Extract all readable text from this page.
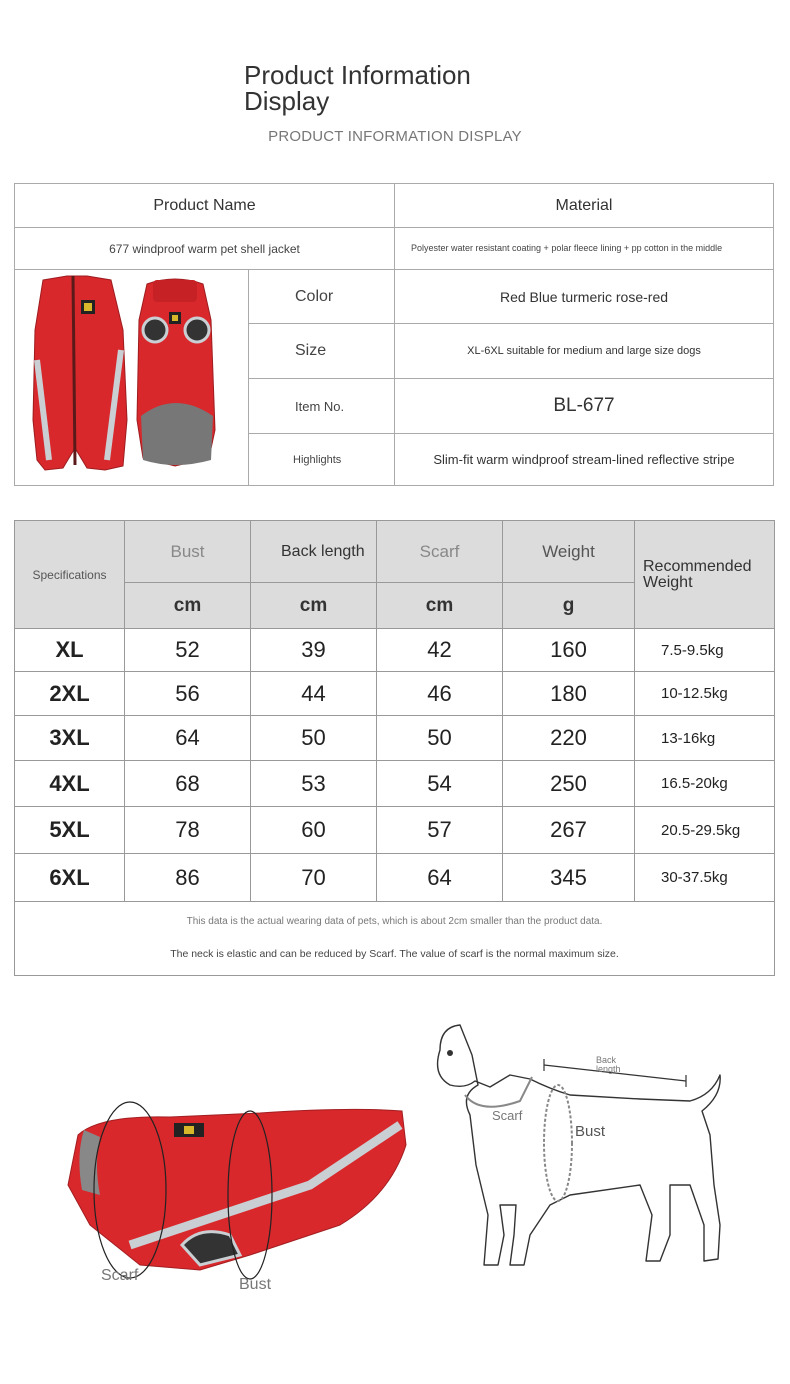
Product Information Display
PRODUCT INFORMATION DISPLAY
Product Name	Material
677 windproof warm pet shell jacket	Polyester water resistant coating + polar fleece lining + pp cotton in the middle
Color	Red Blue turmeric rose-red
Size	XL-6XL suitable for medium and large size dogs
Item No.	BL-677
Highlights	Slim-fit warm windproof stream-lined reflective stripe
Specifications
Bust	Back length	Scarf	Weight
Recommended Weight
cm	cm	cm	g
XL	52	39	42	160	7.5-9.5kg
2XL	56	44	46	180	10-12.5kg
3XL	64	50	50	220	13-16kg
4XL	68	53	54	250	16.5-20kg
5XL	78	60	57	267	20.5-29.5kg
6XL	86	70	64	345	30-37.5kg
This data is the actual wearing data of pets, which is about 2cm smaller than the product data.
The neck is elastic and can be reduced by Scarf. The value of scarf is the normal maximum size.
Scarf
Bust
Back length
Scarf
Bust
